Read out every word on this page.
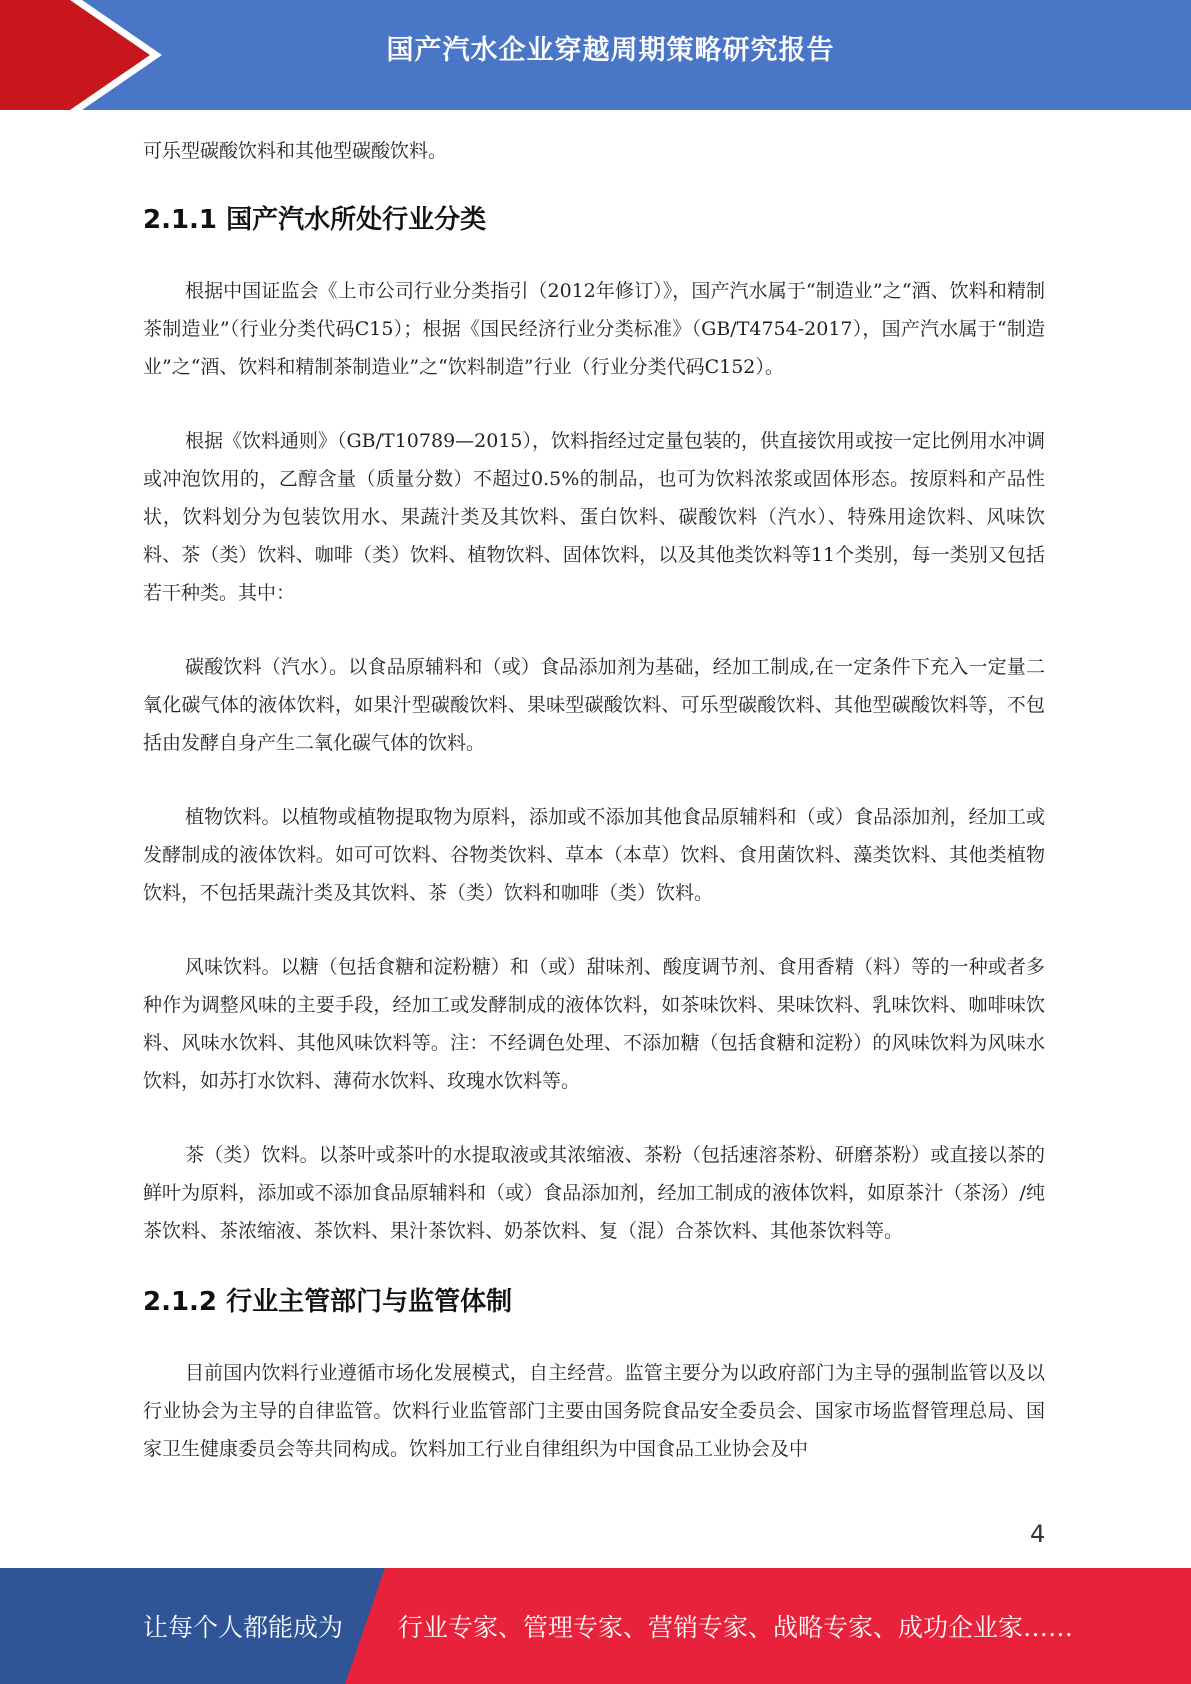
国产汽水企业穿越周期策略研究报告

可乐型碳酸饮料和其他型碳酸饮料。

2.1.1 国产汽水所处行业分类

根据中国证监会《上市公司行业分类指引（2012年修订）》，国产汽水属于“制造业”之“酒、饮料和精制茶制造业”（行业分类代码C15）；根据《国民经济行业分类标准》（GB/T4754-2017），国产汽水属于“制造业”之“酒、饮料和精制茶制造业”之“饮料制造”行业（行业分类代码C152）。

根据《饮料通则》（GB/T10789—2015），饮料指经过定量包装的，供直接饮用或按一定比例用水冲调或冲泡饮用的，乙醇含量（质量分数）不超过0.5%的制品，也可为饮料浓浆或固体形态。按原料和产品性状，饮料划分为包装饮用水、果蔬汁类及其饮料、蛋白饮料、碳酸饮料（汽水）、特殊用途饮料、风味饮料、茶（类）饮料、咖啡（类）饮料、植物饮料、固体饮料，以及其他类饮料等11个类别，每一类别又包括若干种类。其中：

碳酸饮料（汽水）。以食品原辅料和（或）食品添加剂为基础，经加工制成,在一定条件下充入一定量二氧化碳气体的液体饮料，如果汁型碳酸饮料、果味型碳酸饮料、可乐型碳酸饮料、其他型碳酸饮料等，不包括由发酵自身产生二氧化碳气体的饮料。

植物饮料。以植物或植物提取物为原料，添加或不添加其他食品原辅料和（或）食品添加剂，经加工或发酵制成的液体饮料。如可可饮料、谷物类饮料、草本（本草）饮料、食用菌饮料、藻类饮料、其他类植物饮料，不包括果蔬汁类及其饮料、茶（类）饮料和咖啡（类）饮料。

风味饮料。以糖（包括食糖和淀粉糖）和（或）甜味剂、酸度调节剂、食用香精（料）等的一种或者多种作为调整风味的主要手段，经加工或发酵制成的液体饮料，如茶味饮料、果味饮料、乳味饮料、咖啡味饮料、风味水饮料、其他风味饮料等。注：不经调色处理、不添加糖（包括食糖和淀粉）的风味饮料为风味水饮料，如苏打水饮料、薄荷水饮料、玫瑰水饮料等。

茶（类）饮料。以茶叶或茶叶的水提取液或其浓缩液、茶粉（包括速溶茶粉、研磨茶粉）或直接以茶的鲜叶为原料，添加或不添加食品原辅料和（或）食品添加剂，经加工制成的液体饮料，如原茶汁（茶汤）/纯茶饮料、茶浓缩液、茶饮料、果汁茶饮料、奶茶饮料、复（混）合茶饮料、其他茶饮料等。

2.1.2 行业主管部门与监管体制

目前国内饮料行业遵循市场化发展模式，自主经营。监管主要分为以政府部门为主导的强制监管以及以行业协会为主导的自律监管。饮料行业监管部门主要由国务院食品安全委员会、国家市场监督管理总局、国家卫生健康委员会等共同构成。饮料加工行业自律组织为中国食品工业协会及中

4
让每个人都能成为 行业专家、管理专家、营销专家、战略专家、成功企业家……
